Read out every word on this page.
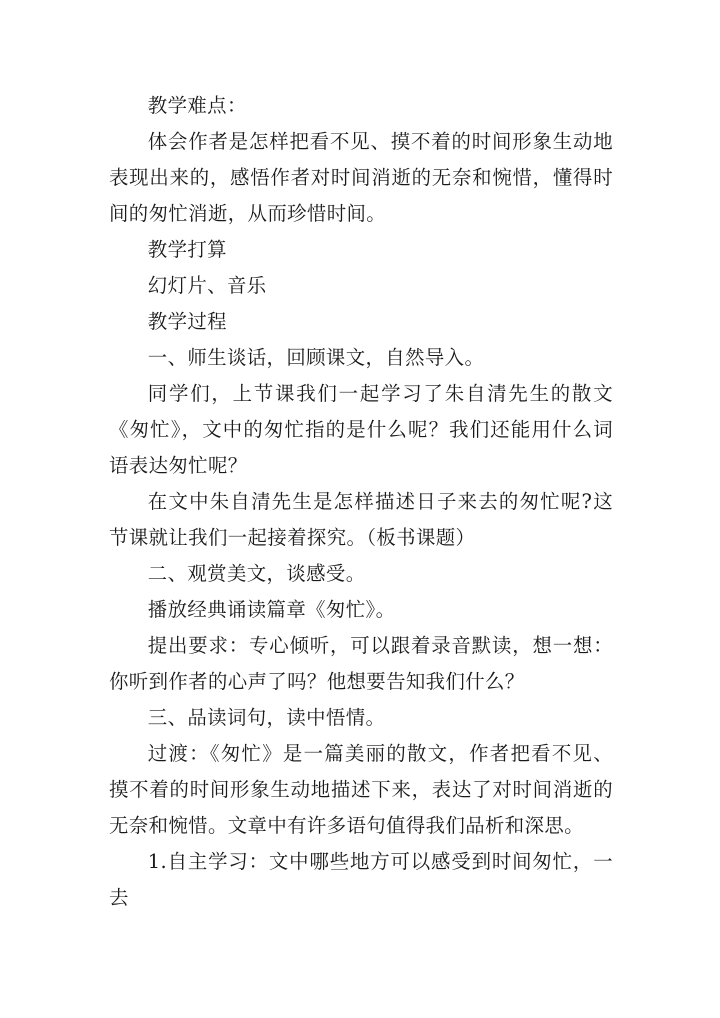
教学难点：

体会作者是怎样把看不见、摸不着的时间形象生动地表现出来的，感悟作者对时间消逝的无奈和惋惜，懂得时间的匆忙消逝，从而珍惜时间。

教学打算

幻灯片、音乐

教学过程

一、师生谈话，回顾课文，自然导入。

同学们，上节课我们一起学习了朱自清先生的散文《匆忙》，文中的匆忙指的是什么呢？我们还能用什么词语表达匆忙呢？

在文中朱自清先生是怎样描述日子来去的匆忙呢?这节课就让我们一起接着探究。（板书课题）

二、观赏美文，谈感受。

播放经典诵读篇章《匆忙》。

提出要求：专心倾听，可以跟着录音默读，想一想：你听到作者的心声了吗？他想要告知我们什么？

三、品读词句，读中悟情。

过渡：《匆忙》是一篇美丽的散文，作者把看不见、摸不着的时间形象生动地描述下来，表达了对时间消逝的无奈和惋惜。文章中有许多语句值得我们品析和深思。

1.自主学习：文中哪些地方可以感受到时间匆忙，一去
